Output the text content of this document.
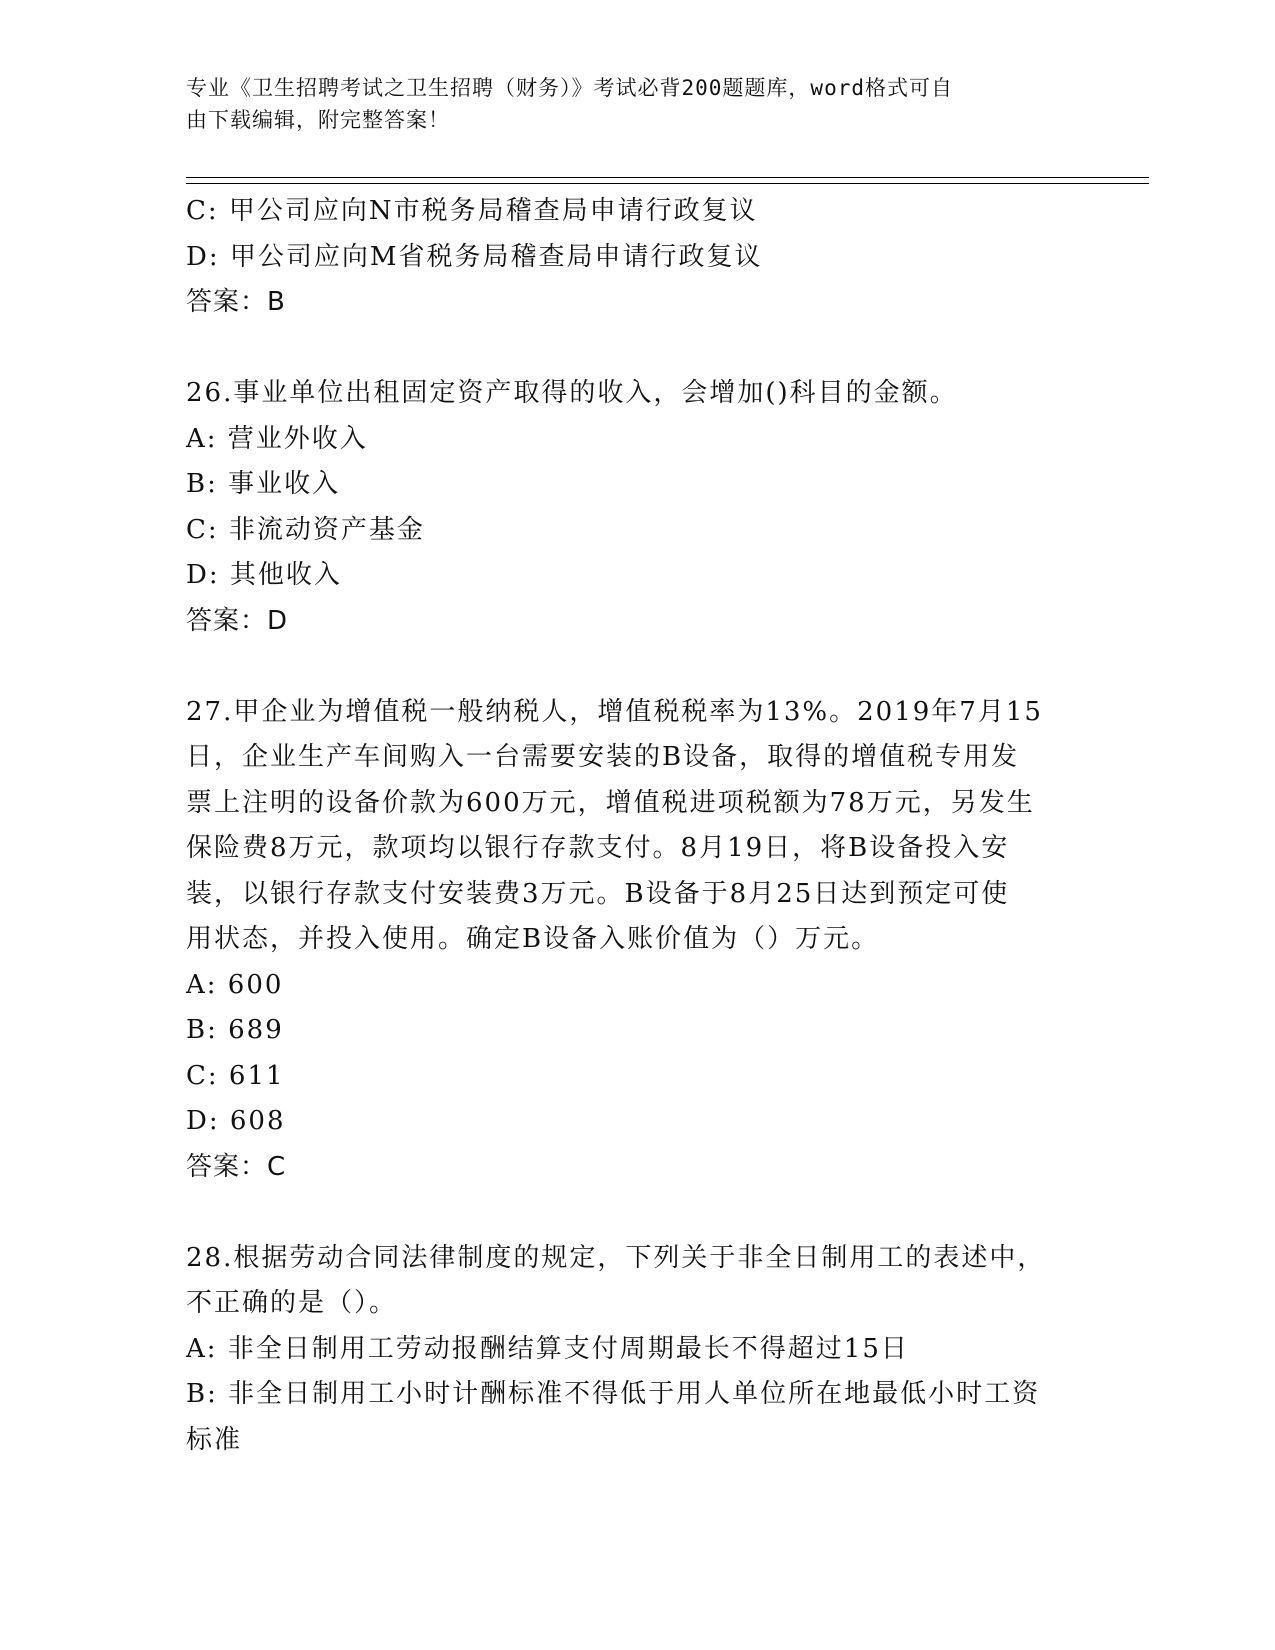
专业《卫生招聘考试之卫生招聘（财务）》考试必背200题题库，word格式可自
由下载编辑，附完整答案！
C: 甲公司应向N市税务局稽查局申请行政复议
D: 甲公司应向M省税务局稽查局申请行政复议
答案：B
26.事业单位出租固定资产取得的收入，会增加()科目的金额。
A: 营业外收入
B: 事业收入
C: 非流动资产基金
D: 其他收入
答案：D
27.甲企业为增值税一般纳税人，增值税税率为13%。2019年7月15
日，企业生产车间购入一台需要安装的B设备，取得的增值税专用发
票上注明的设备价款为600万元，增值税进项税额为78万元，另发生
保险费8万元，款项均以银行存款支付。8月19日，将B设备投入安
装，以银行存款支付安装费3万元。B设备于8月25日达到预定可使
用状态，并投入使用。确定B设备入账价值为（）万元。
A: 600
B: 689
C: 611
D: 608
答案：C
28.根据劳动合同法律制度的规定，下列关于非全日制用工的表述中，
不正确的是（）。
A: 非全日制用工劳动报酬结算支付周期最长不得超过15日
B: 非全日制用工小时计酬标准不得低于用人单位所在地最低小时工资
标准
